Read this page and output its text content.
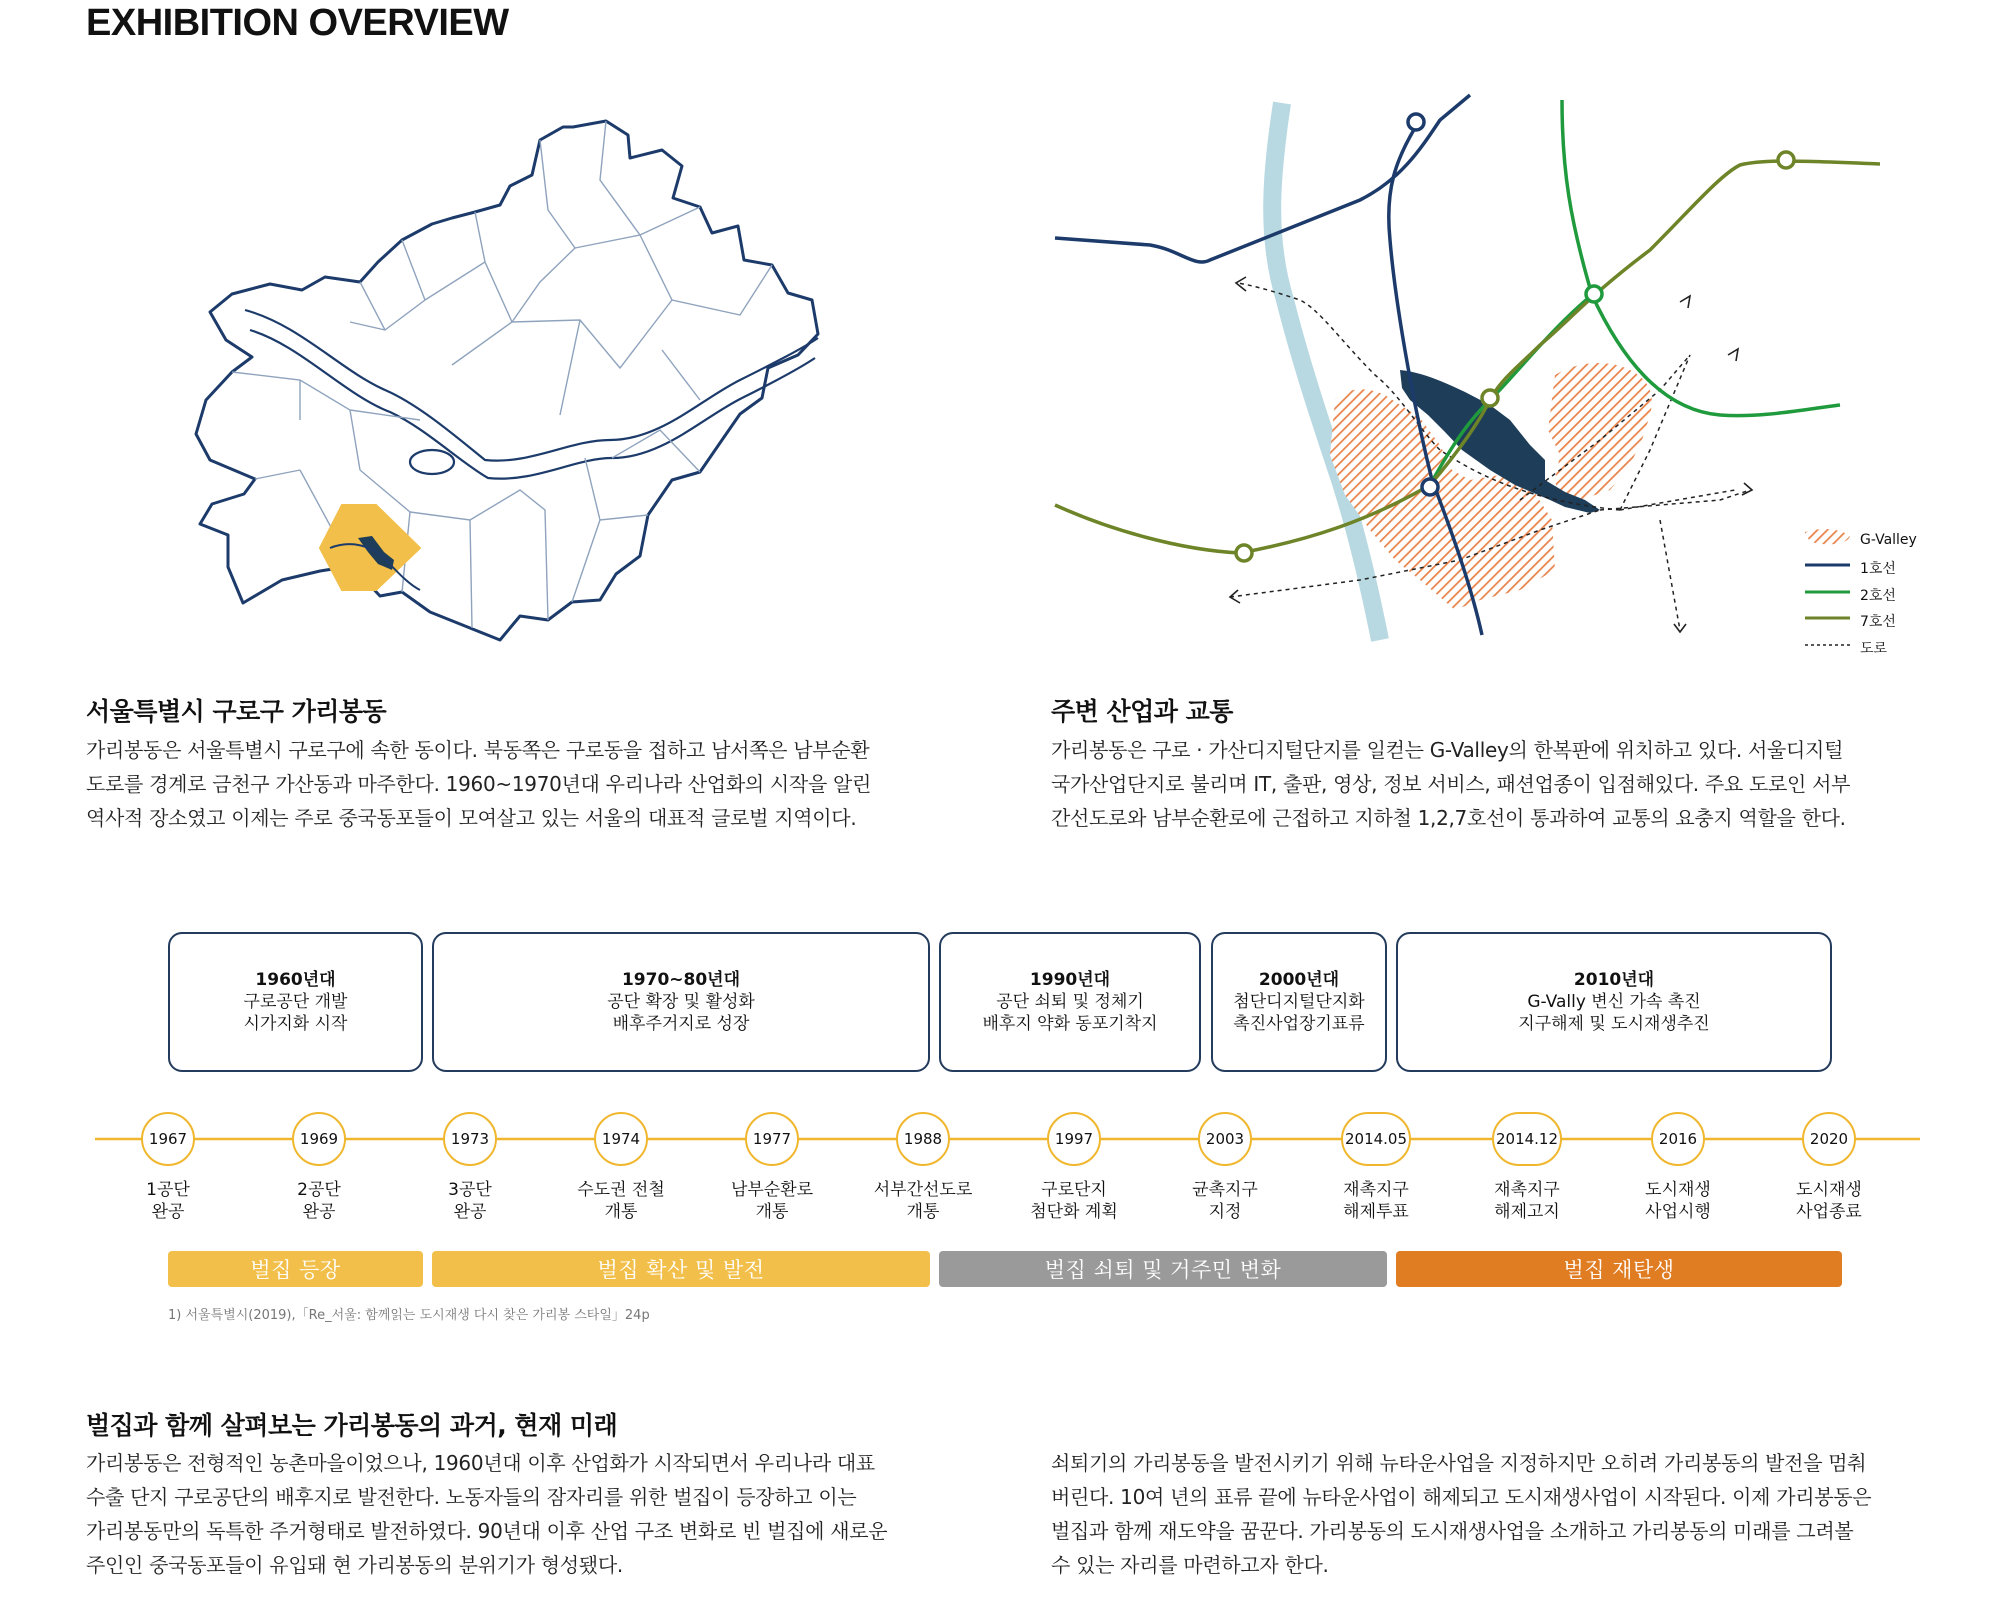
EXHIBITION OVERVIEW
G-Valley
1호선
2호선
7호선
도로
서울특별시 구로구 가리봉동
가리봉동은 서울특별시 구로구에 속한 동이다. 북동쪽은 구로동을 접하고 남서쪽은 남부순환
도로를 경계로 금천구 가산동과 마주한다. 1960~1970년대 우리나라 산업화의 시작을 알린
역사적 장소였고 이제는 주로 중국동포들이 모여살고 있는 서울의 대표적 글로벌 지역이다.
주변 산업과 교통
가리봉동은 구로 · 가산디지털단지를 일컫는 G-Valley의 한복판에 위치하고 있다. 서울디지털
국가산업단지로 불리며 IT, 출판, 영상, 정보 서비스, 패션업종이 입점해있다. 주요 도로인 서부
간선도로와 남부순환로에 근접하고 지하철 1,2,7호선이 통과하여 교통의 요충지 역할을 한다.
1960년대
구로공단 개발
시가지화 시작
1970~80년대
공단 확장 및 활성화
배후주거지로 성장
1990년대
공단 쇠퇴 및 정체기
배후지 약화 동포기착지
2000년대
첨단디지털단지화
촉진사업장기표류
2010년대
G-Vally 변신 가속 촉진
지구해제 및 도시재생추진
1967	1969	1973	1974	1977	1988	1997	2003	2014.05	2014.12	2016	2020
1공단
완공
2공단
완공
3공단
완공
수도권 전철
개통
남부순환로
개통
서부간선도로
개통
구로단지
첨단화 계획
균촉지구
지정
재촉지구
해제투표
재촉지구
해제고지
도시재생
사업시행
도시재생
사업종료
벌집 등장	벌집 확산 및 발전	벌집 쇠퇴 및 거주민 변화	벌집 재탄생
1) 서울특별시(2019),「Re_서울: 함께읽는 도시재생 다시 찾은 가리봉 스타일」24p
벌집과 함께 살펴보는 가리봉동의 과거, 현재 미래
가리봉동은 전형적인 농촌마을이었으나, 1960년대 이후 산업화가 시작되면서 우리나라 대표
수출 단지 구로공단의 배후지로 발전한다. 노동자들의 잠자리를 위한 벌집이 등장하고 이는
가리봉동만의 독특한 주거형태로 발전하였다. 90년대 이후 산업 구조 변화로 빈 벌집에 새로운
주인인 중국동포들이 유입돼 현 가리봉동의 분위기가 형성됐다.
쇠퇴기의 가리봉동을 발전시키기 위해 뉴타운사업을 지정하지만 오히려 가리봉동의 발전을 멈춰
버린다. 10여 년의 표류 끝에 뉴타운사업이 해제되고 도시재생사업이 시작된다. 이제 가리봉동은
벌집과 함께 재도약을 꿈꾼다. 가리봉동의 도시재생사업을 소개하고 가리봉동의 미래를 그려볼
수 있는 자리를 마련하고자 한다.
